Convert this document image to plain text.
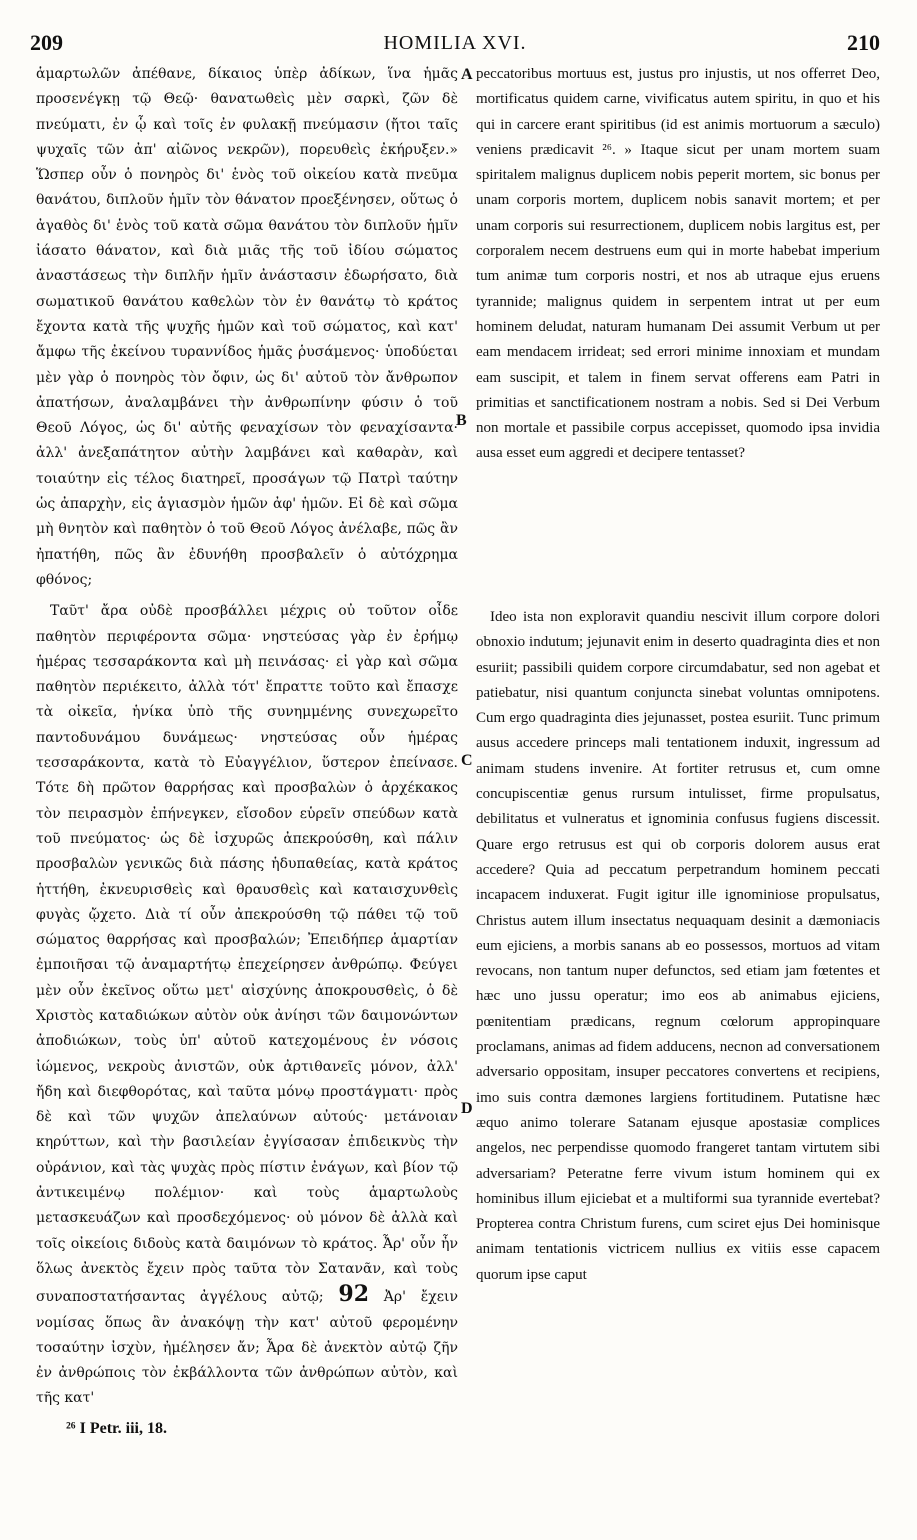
209	HOMILIA XVI.	210
A
B
C
D

ἁμαρτωλῶν ἀπέθανε, δίκαιος ὑπὲρ ἀδίκων, ἵνα ἡμᾶς προσενέγκῃ τῷ Θεῷ· θανατωθεὶς μὲν σαρκὶ, ζῶν δὲ πνεύματι, ἐν ᾧ καὶ τοῖς ἐν φυλακῇ πνεύμασιν (ἤτοι ταῖς ψυχαῖς τῶν ἀπ' αἰῶνος νεκρῶν), πορευθεὶς ἐκήρυξεν.» Ὥσπερ οὖν ὁ πονηρὸς δι' ἑνὸς τοῦ οἰκείου κατὰ πνεῦμα θανάτου, διπλοῦν ἡμῖν τὸν θάνατον προεξένησεν, οὕτως ὁ ἀγαθὸς δι' ἑνὸς τοῦ κατὰ σῶμα θανάτου τὸν διπλοῦν ἡμῖν ἰάσατο θάνατον, καὶ διὰ μιᾶς τῆς τοῦ ἰδίου σώματος ἀναστάσεως τὴν διπλῆν ἡμῖν ἀνάστασιν ἐδωρήσατο, διὰ σωματικοῦ θανάτου καθελὼν τὸν ἐν θανάτῳ τὸ κράτος ἔχοντα κατὰ τῆς ψυχῆς ἡμῶν καὶ τοῦ σώματος, καὶ κατ' ἄμφω τῆς ἐκείνου τυραννίδος ἡμᾶς ῥυσάμενος· ὑποδύεται μὲν γὰρ ὁ πονηρὸς τὸν ὄφιν, ὡς δι' αὐτοῦ τὸν ἄνθρωπον ἀπατήσων, ἀναλαμβάνει τὴν ἀνθρωπίνην φύσιν ὁ τοῦ Θεοῦ Λόγος, ὡς δι' αὐτῆς φεναχίσων τὸν φεναχίσαντα· ἀλλ' ἀνεξαπάτητον αὐτὴν λαμβάνει καὶ καθαρὰν, καὶ τοιαύτην εἰς τέλος διατηρεῖ, προσάγων τῷ Πατρὶ ταύτην ὡς ἀπαρχὴν, εἰς ἁγιασμὸν ἡμῶν ἀφ' ἡμῶν. Εἰ δὲ καὶ σῶμα μὴ θνητὸν καὶ παθητὸν ὁ τοῦ Θεοῦ Λόγος ἀνέλαβε, πῶς ἂν ἠπατήθη, πῶς ἂν ἐδυνήθη προσβαλεῖν ὁ αὐτόχρημα φθόνος;

Ταῦτ' ἄρα οὐδὲ προσβάλλει μέχρις οὐ τοῦτον οἶδε παθητὸν περιφέροντα σῶμα· νηστεύσας γὰρ ἐν ἐρήμῳ ἡμέρας τεσσαράκοντα καὶ μὴ πεινάσας· εἰ γὰρ καὶ σῶμα παθητὸν περιέκειτο, ἀλλὰ τότ' ἔπραττε τοῦτο καὶ ἔπασχε τὰ οἰκεῖα, ἡνίκα ὑπὸ τῆς συνημμένης συνεχωρεῖτο παντοδυνάμου δυνάμεως· νηστεύσας οὖν ἡμέρας τεσσαράκοντα, κατὰ τὸ Εὐαγγέλιον, ὕστερον ἐπείνασε. Τότε δὴ πρῶτον θαρρήσας καὶ προσβαλὼν ὁ ἀρχέκακος τὸν πειρασμὸν ἐπήνεγκεν, εἴσοδον εὑρεῖν σπεύδων κατὰ τοῦ πνεύματος· ὡς δὲ ἰσχυρῶς ἀπεκρούσθη, καὶ πάλιν προσβαλὼν γενικῶς διὰ πάσης ἡδυπαθείας, κατὰ κράτος ἡττήθη, ἐκνευρισθεὶς καὶ θραυσθεὶς καὶ καταισχυνθεὶς φυγὰς ᾤχετο. Διὰ τί οὖν ἀπεκρούσθη τῷ πάθει τῷ τοῦ σώματος θαρρήσας καὶ προσβαλών; Ἐπειδήπερ ἁμαρτίαν ἐμποιῆσαι τῷ ἀναμαρτήτῳ ἐπεχείρησεν ἀνθρώπῳ. Φεύγει μὲν οὖν ἐκεῖνος οὕτω μετ' αἰσχύνης ἀποκρουσθεὶς, ὁ δὲ Χριστὸς καταδιώκων αὐτὸν οὐκ ἀνίησι τῶν δαιμονώντων ἀποδιώκων, τοὺς ὑπ' αὐτοῦ κατεχομένους ἐν νόσοις ἰώμενος, νεκροὺς ἀνιστῶν, οὐκ ἀρτιθανεῖς μόνον, ἀλλ' ἤδη καὶ διεφθορότας, καὶ ταῦτα μόνῳ προστάγματι· πρὸς δὲ καὶ τῶν ψυχῶν ἀπελαύνων αὐτούς· μετάνοιαν κηρύττων, καὶ τὴν βασιλείαν ἐγγίσασαν ἐπιδεικνὺς τὴν οὐράνιον, καὶ τὰς ψυχὰς πρὸς πίστιν ἐνάγων, καὶ βίον τῷ ἀντικειμένῳ πολέμιον· καὶ τοὺς ἁμαρτωλοὺς μετασκευάζων καὶ προσδεχόμενος· οὐ μόνον δὲ ἀλλὰ καὶ τοῖς οἰκείοις διδοὺς κατὰ δαιμόνων τὸ κράτος. Ἆρ' οὖν ἦν ὅλως ἀνεκτὸς ἔχειν πρὸς ταῦτα τὸν Σατανᾶν, καὶ τοὺς συναποστατήσαντας ἀγγέλους αὐτῷ; 92 Ἀρ' ἔχειν νομίσας ὅπως ἂν ἀνακόψῃ τὴν κατ' αὐτοῦ φερομένην τοσαύτην ἰσχὺν, ἠμέλησεν ἄν; Ἆρα δὲ ἀνεκτὸν αὐτῷ ζῆν ἐν ἀνθρώποις τὸν ἐκβάλλοντα τῶν ἀνθρώπων αὐτὸν, καὶ τῆς κατ'

peccatoribus mortuus est, justus pro injustis, ut nos offerret Deo, mortificatus quidem carne, vivificatus autem spiritu, in quo et his qui in carcere erant spiritibus (id est animis mortuorum a sæculo) veniens prædicavit ²⁶. » Itaque sicut per unam mortem suam spiritalem malignus duplicem nobis peperit mortem, sic bonus per unam corporis mortem, duplicem nobis sanavit mortem; et per unam corporis sui resurrectionem, duplicem nobis largitus est, per corporalem necem destruens eum qui in morte habebat imperium tum animæ tum corporis nostri, et nos ab utraque ejus eruens tyrannide; malignus quidem in serpentem intrat ut per eum hominem deludat, naturam humanam Dei assumit Verbum ut per eam mendacem irrideat; sed errori minime innoxiam et mundam eam suscipit, et talem in finem servat offerens eam Patri in primitias et sanctificationem nostram a nobis. Sed si Dei Verbum non mortale et passibile corpus accepisset, quomodo ipsa invidia ausa esset eum aggredi et decipere tentasset?

Ideo ista non exploravit quandiu nescivit illum corpore dolori obnoxio indutum; jejunavit enim in deserto quadraginta dies et non esuriit; passibili quidem corpore circumdabatur, sed non agebat et patiebatur, nisi quantum conjuncta sinebat voluntas omnipotens. Cum ergo quadraginta dies jejunasset, postea esuriit. Tunc primum ausus accedere princeps mali tentationem induxit, ingressum ad animam studens invenire. At fortiter retrusus et, cum omne concupiscentiæ genus rursum intulisset, firme propulsatus, debilitatus et vulneratus et ignominia confusus fugiens discessit. Quare ergo retrusus est qui ob corporis dolorem ausus erat accedere? Quia ad peccatum perpetrandum hominem peccati incapacem induxerat. Fugit igitur ille ignominiose propulsatus, Christus autem illum insectatus nequaquam desinit a dæmoniacis eum ejiciens, a morbis sanans ab eo possessos, mortuos ad vitam revocans, non tantum nuper defunctos, sed etiam jam fœtentes et hæc uno jussu operatur; imo eos ab animabus ejiciens, pœnitentiam prædicans, regnum cœlorum appropinquare proclamans, animas ad fidem adducens, necnon ad conversationem adversario oppositam, insuper peccatores convertens et recipiens, imo suis contra dæmones largiens fortitudinem. Putatisne hæc æquo animo tolerare Satanam ejusque apostasiæ complices angelos, nec perpendisse quomodo frangeret tantam virtutem sibi adversariam? Peteratne ferre vivum istum hominem qui ex hominibus illum ejiciebat et a multiformi sua tyrannide evertebat? Propterea contra Christum furens, cum sciret ejus Dei hominisque animam tentationis victricem nullius ex vitiis esse capacem quorum ipse caput

²⁶ I Petr. iii, 18.
